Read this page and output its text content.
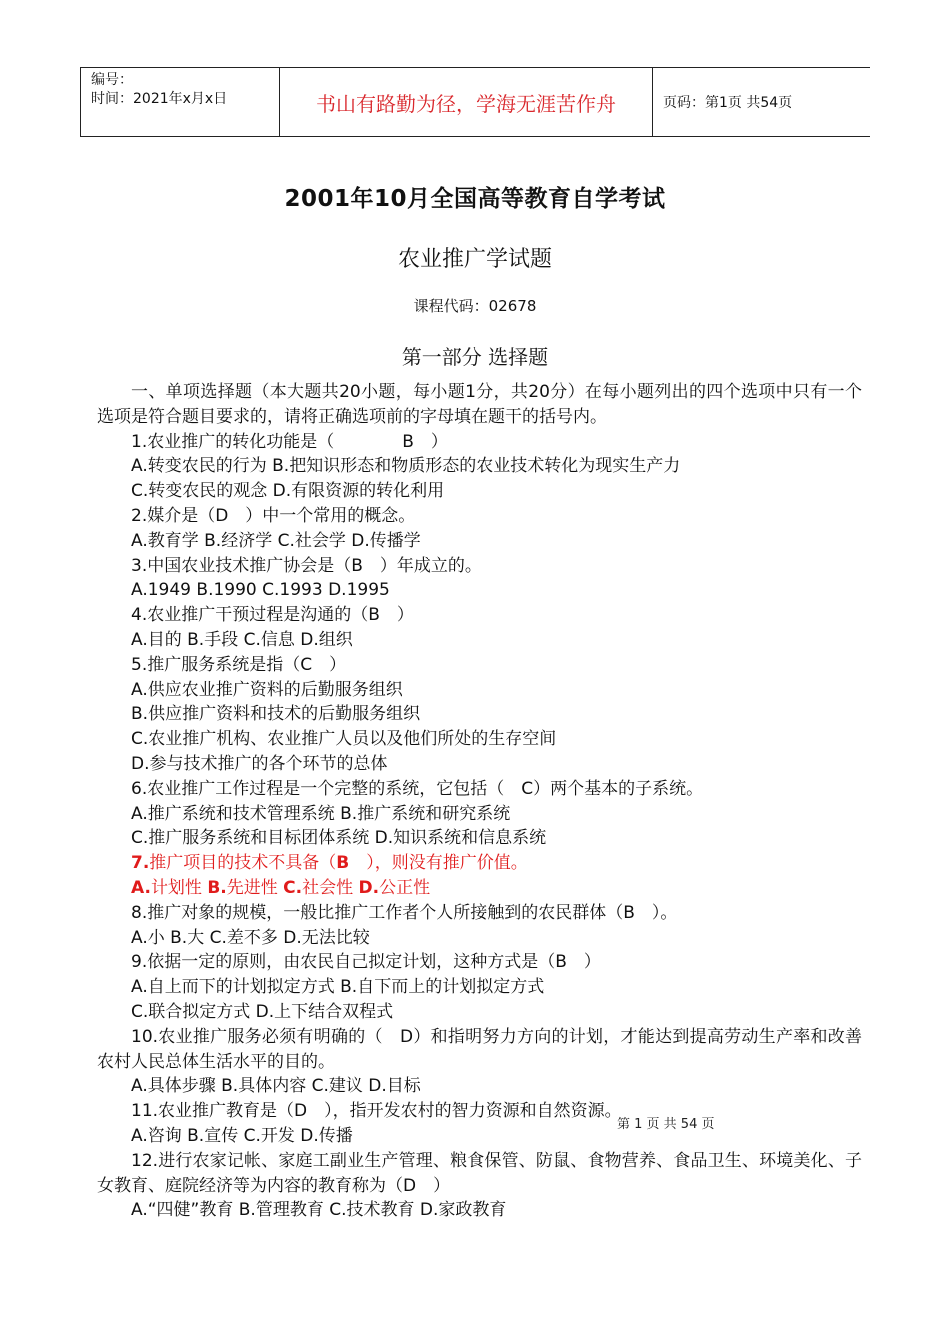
编号：
时间：2021年x月x日	书山有路勤为径，学海无涯苦作舟	页码：第1页 共54页
2001年10月全国高等教育自学考试
农业推广学试题
课程代码：02678
第一部分 选择题

一、单项选择题（本大题共20小题，每小题1分，共20分）在每小题列出的四个选项中只有一个选项是符合题目要求的，请将正确选项前的字母填在题干的括号内。

1.农业推广的转化功能是（　　　　B　）

A.转变农民的行为 B.把知识形态和物质形态的农业技术转化为现实生产力

C.转变农民的观念 D.有限资源的转化利用

2.媒介是（D　）中一个常用的概念。

A.教育学 B.经济学 C.社会学 D.传播学

3.中国农业技术推广协会是（B　）年成立的。

A.1949 B.1990 C.1993 D.1995

4.农业推广干预过程是沟通的（B　）

A.目的 B.手段 C.信息 D.组织

5.推广服务系统是指（C　）

A.供应农业推广资料的后勤服务组织

B.供应推广资料和技术的后勤服务组织

C.农业推广机构、农业推广人员以及他们所处的生存空间

D.参与技术推广的各个环节的总体

6.农业推广工作过程是一个完整的系统，它包括（　C）两个基本的子系统。

A.推广系统和技术管理系统 B.推广系统和研究系统

C.推广服务系统和目标团体系统 D.知识系统和信息系统

7.推广项目的技术不具备（B　），则没有推广价值。

A.计划性 B.先进性 C.社会性 D.公正性

8.推广对象的规模，一般比推广工作者个人所接触到的农民群体（B　）。

A.小 B.大 C.差不多 D.无法比较

9.依据一定的原则，由农民自己拟定计划，这种方式是（B　）

A.自上而下的计划拟定方式 B.自下而上的计划拟定方式

C.联合拟定方式 D.上下结合双程式

10.农业推广服务必须有明确的（　D）和指明努力方向的计划，才能达到提高劳动生产率和改善农村人民总体生活水平的目的。

A.具体步骤 B.具体内容 C.建议 D.目标

11.农业推广教育是（D　），指开发农村的智力资源和自然资源。

A.咨询 B.宣传 C.开发 D.传播

12.进行农家记帐、家庭工副业生产管理、粮食保管、防鼠、食物营养、食品卫生、环境美化、子女教育、庭院经济等为内容的教育称为（D　）

A.“四健”教育 B.管理教育 C.技术教育 D.家政教育

第 1 页 共 54 页
